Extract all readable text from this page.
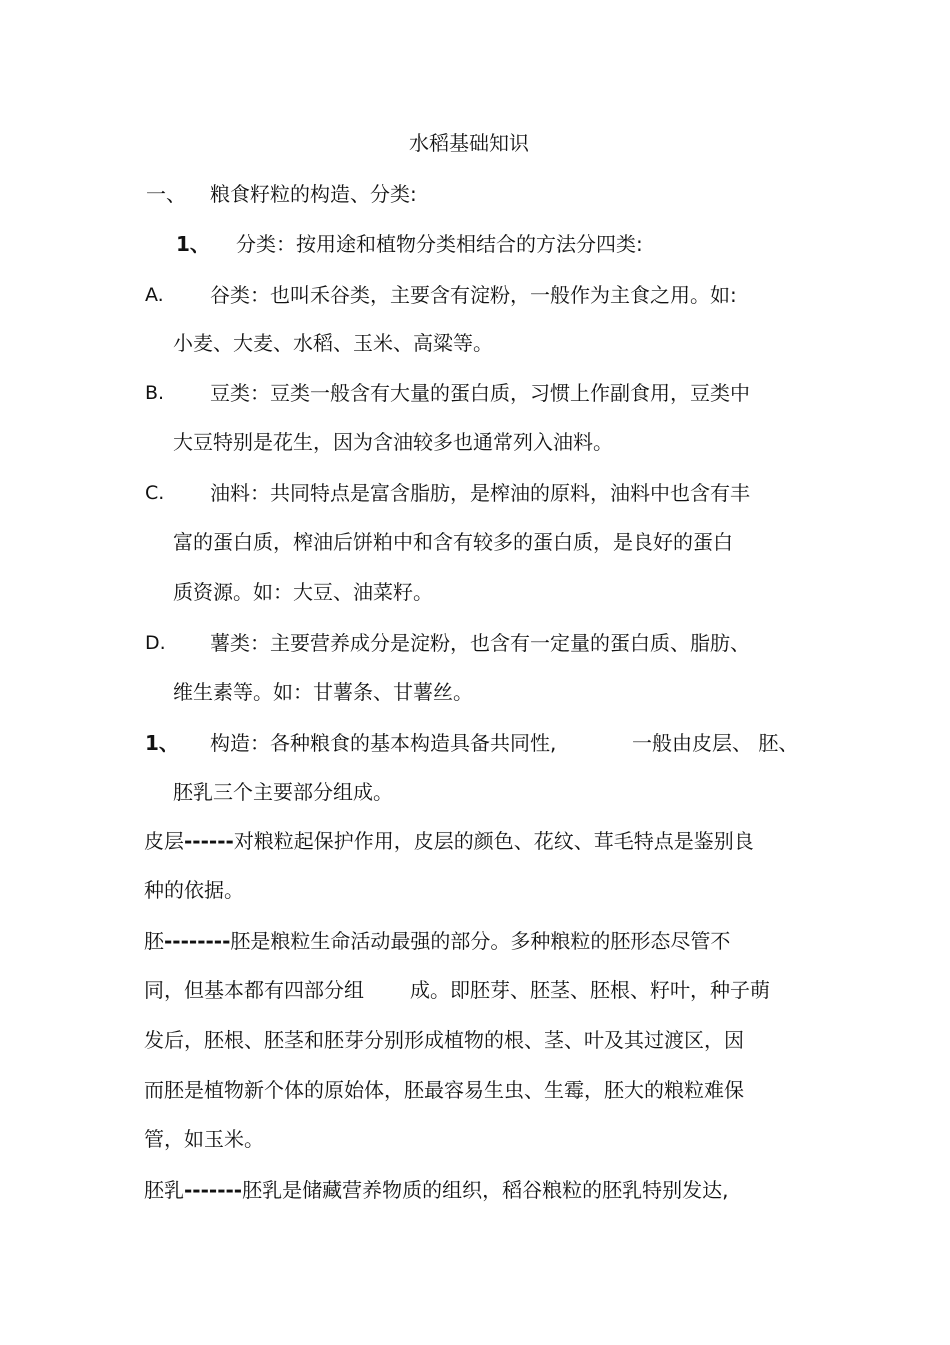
水稻基础知识
一、 粮食籽粒的构造、分类:
1、 分类：按用途和植物分类相结合的方法分四类:
A. 谷类：也叫禾谷类，主要含有淀粉，一般作为主食之用。如:
小麦、大麦、水稻、玉米、高粱等。
B. 豆类：豆类一般含有大量的蛋白质，习惯上作副食用，豆类中
大豆特别是花生，因为含油较多也通常列入油料。
C. 油料：共同特点是富含脂肪，是榨油的原料，油料中也含有丰
富的蛋白质，榨油后饼粕中和含有较多的蛋白质，是良好的蛋白
质资源。如：大豆、油菜籽。
D. 薯类：主要营养成分是淀粉，也含有一定量的蛋白质、脂肪、
维生素等。如：甘薯条、甘薯丝。
1、 构造：各种粮食的基本构造具备共同性,	一般由皮层、 胚、
胚乳三个主要部分组成。
皮层------对粮粒起保护作用，皮层的颜色、花纹、茸毛特点是鉴别良
种的依据。
胚--------胚是粮粒生命活动最强的部分。多种粮粒的胚形态尽管不
同，但基本都有四部分组 成。即胚芽、胚茎、胚根、籽叶，种子萌
发后，胚根、胚茎和胚芽分别形成植物的根、茎、叶及其过渡区，因
而胚是植物新个体的原始体，胚最容易生虫、生霉，胚大的粮粒难保
管，如玉米。
胚乳-------胚乳是储藏营养物质的组织，稻谷粮粒的胚乳特别发达,
